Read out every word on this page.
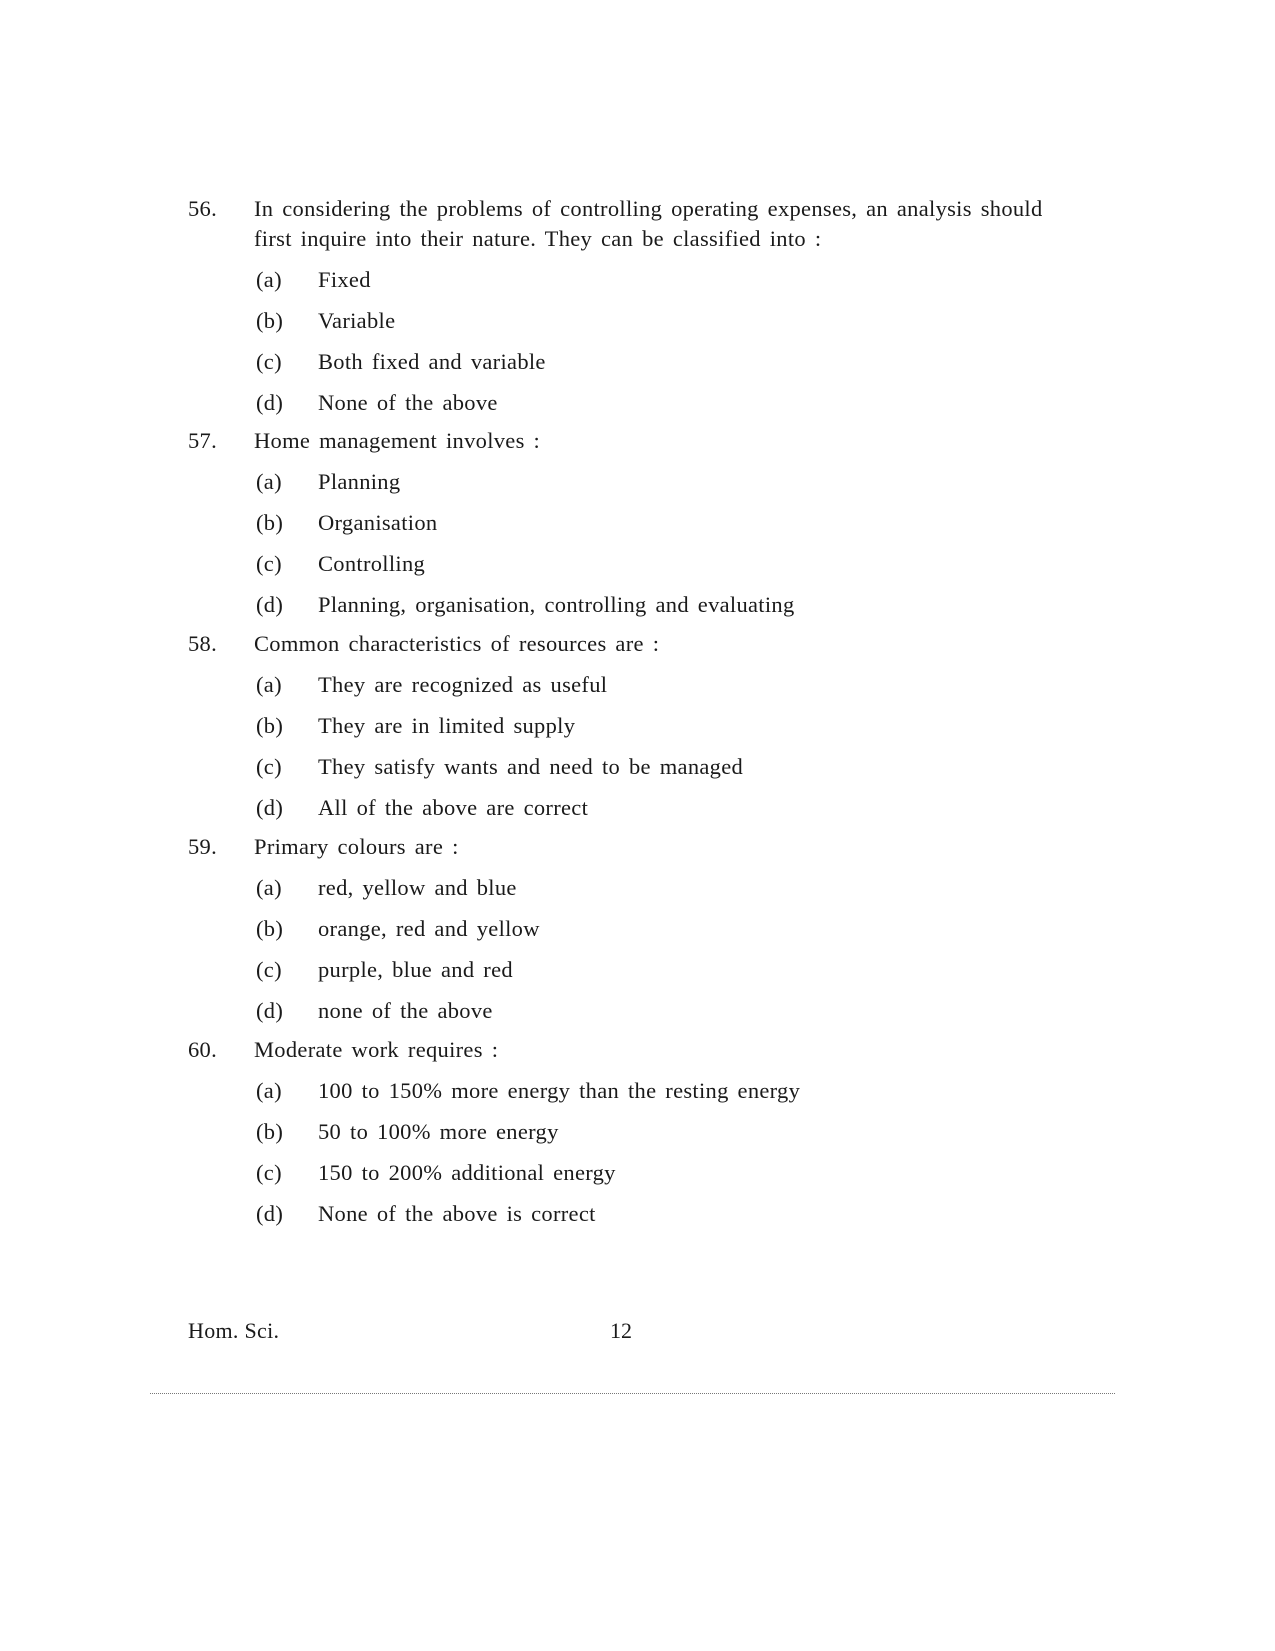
56.	In considering the problems of controlling operating expenses, an analysis should first inquire into their nature. They can be classified into :
(a) Fixed
(b) Variable
(c) Both fixed and variable
(d) None of the above
57.	Home management involves :
(a) Planning
(b) Organisation
(c) Controlling
(d) Planning, organisation, controlling and evaluating
58.	Common characteristics of resources are :
(a) They are recognized as useful
(b) They are in limited supply
(c) They satisfy wants and need to be managed
(d) All of the above are correct
59.	Primary colours are :
(a) red, yellow and blue
(b) orange, red and yellow
(c) purple, blue and red
(d) none of the above
60.	Moderate work requires :
(a) 100 to 150% more energy than the resting energy
(b) 50 to 100% more energy
(c) 150 to 200% additional energy
(d) None of the above is correct
Hom. Sci.	12
